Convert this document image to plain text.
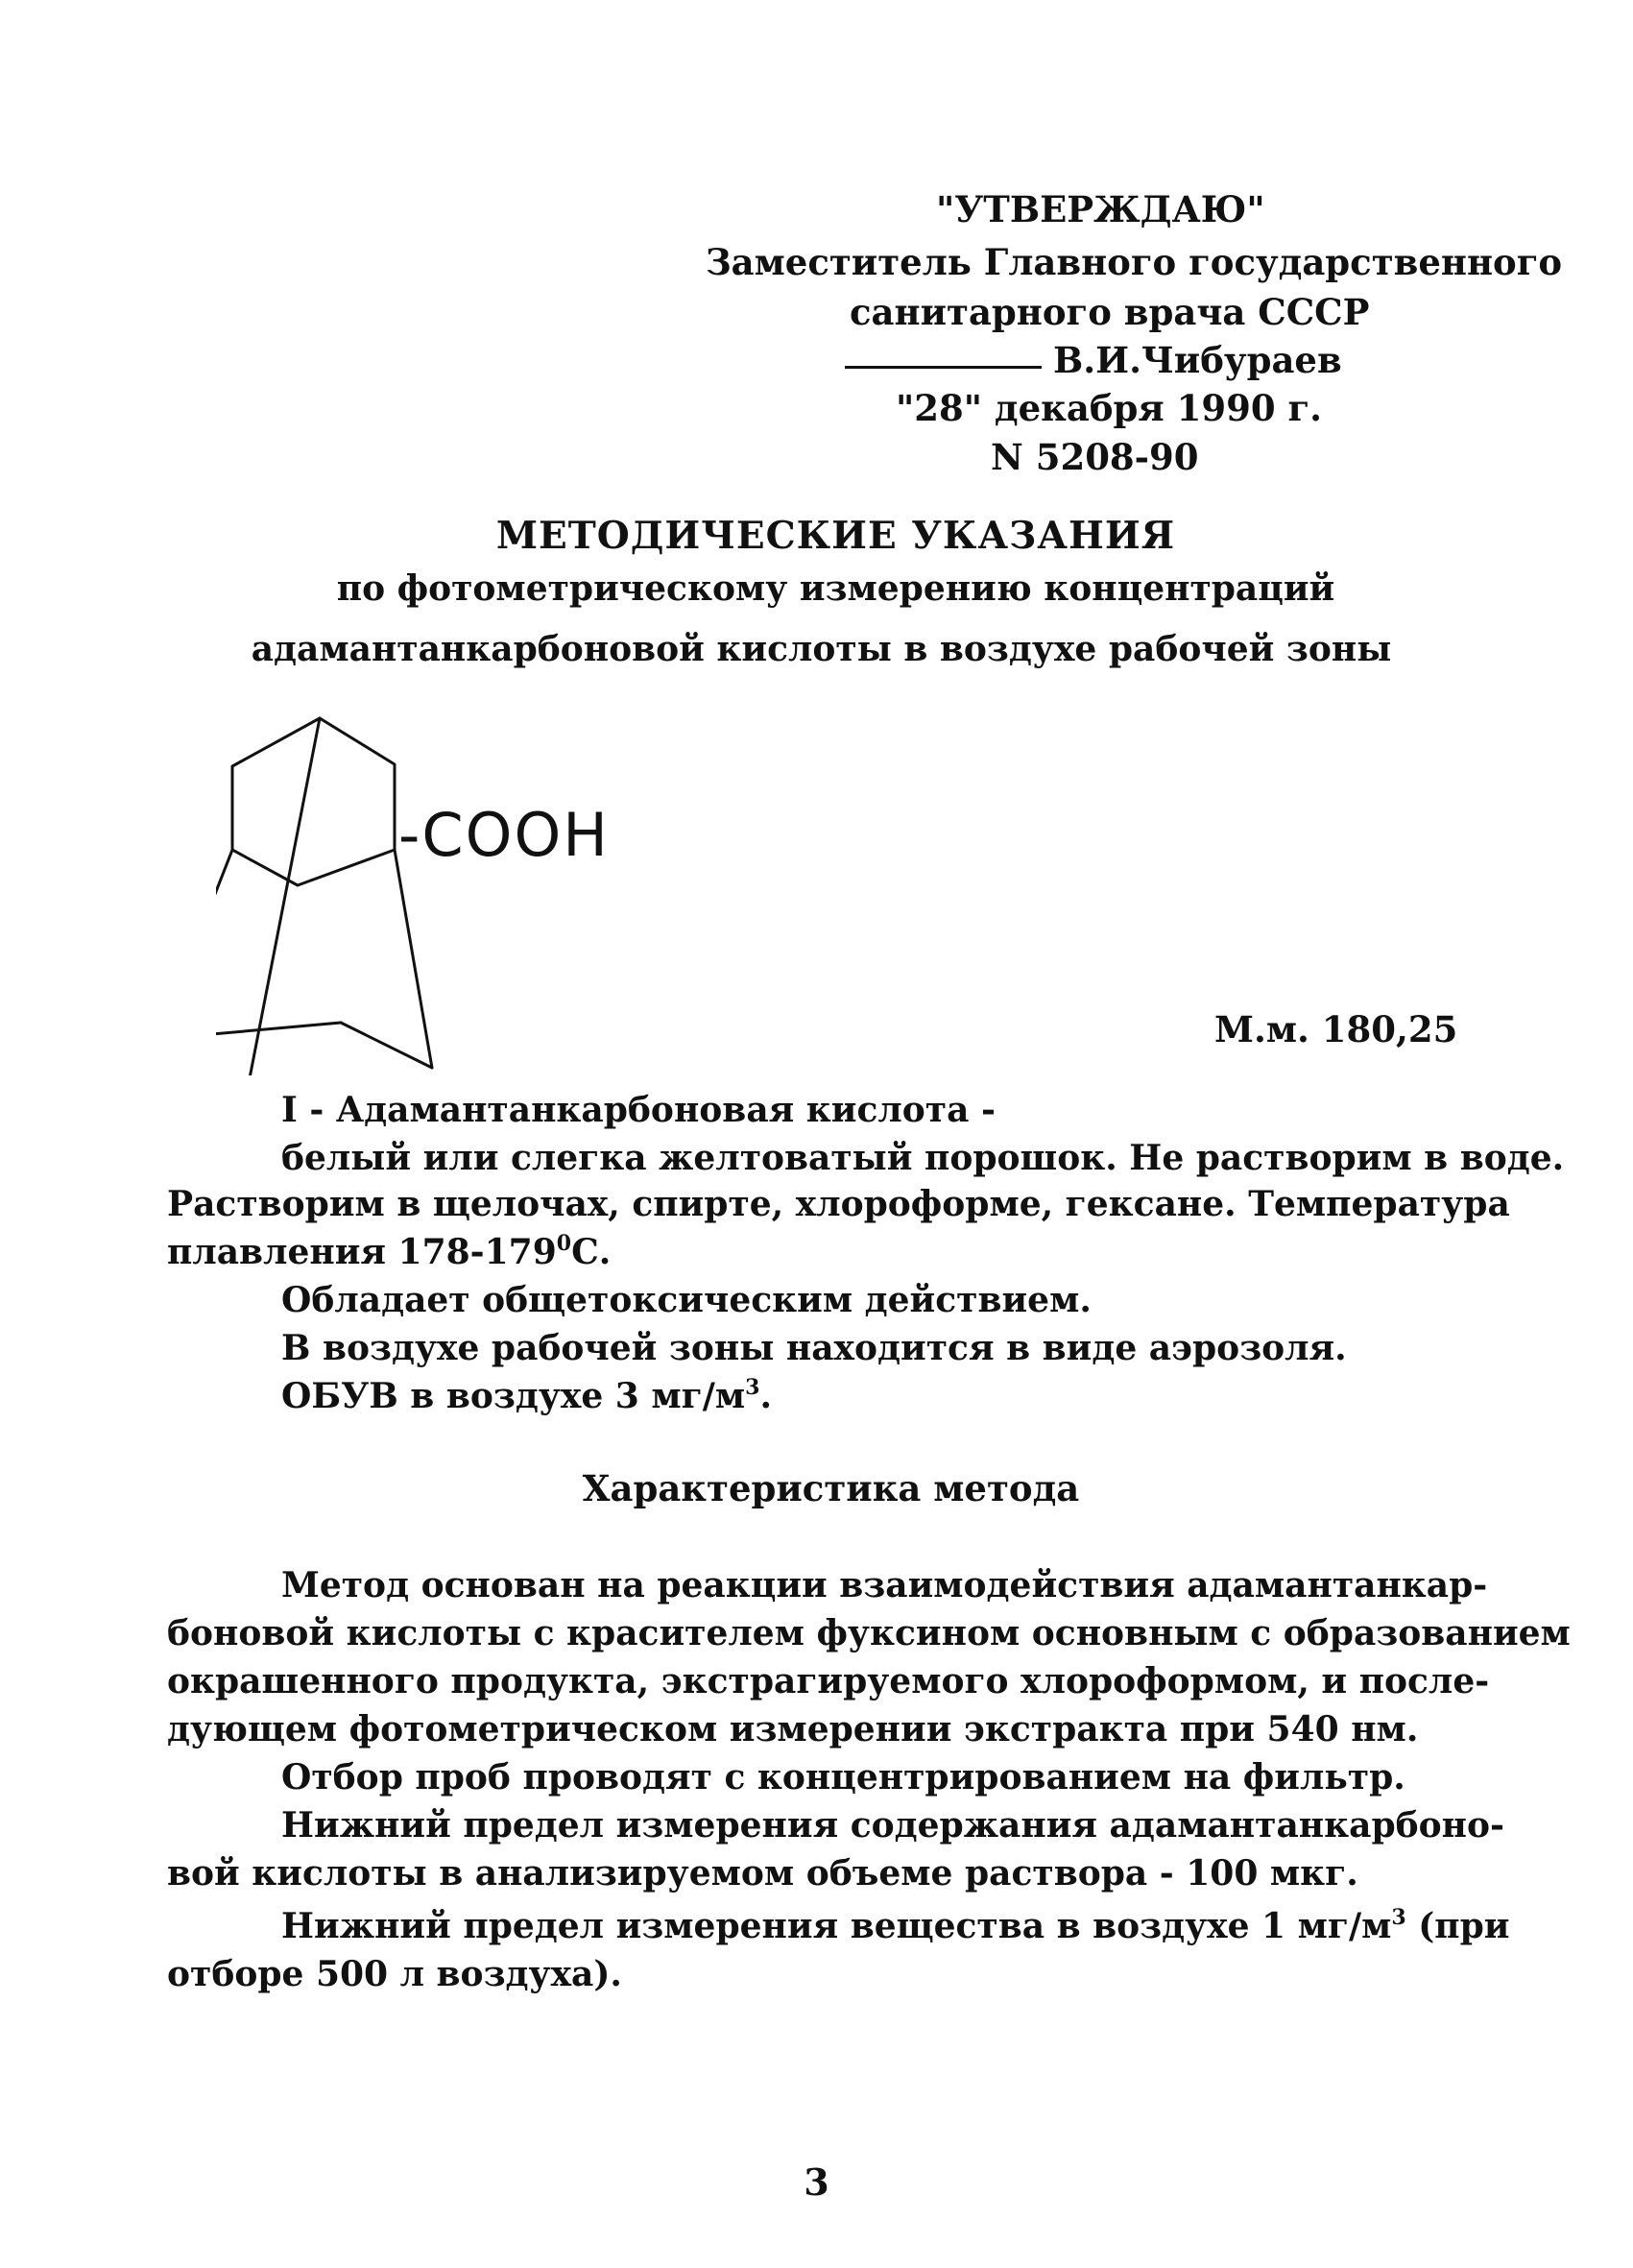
"УТВЕРЖДАЮ"
Заместитель Главного государственного
санитарного врача СССР
В.И.Чибураев
"28" декабря 1990 г.
N 5208-90
МЕТОДИЧЕСКИЕ УКАЗАНИЯ
по фотометрическому измерению концентраций
адамантанкарбоновой кислоты в воздухе рабочей зоны
-COOH
М.м. 180,25
I - Адамантанкарбоновая кислота -
белый или слегка желтоватый порошок. Не растворим в воде.
Растворим в щелочах, спирте, хлороформе, гексане. Температура
плавления $178-179^0С$.
Обладает общетоксическим действием.
В воздухе рабочей зоны находится в виде аэрозоля.
ОБУВ в воздухе 3 $мг/м^3$.
Характеристика метода
Метод основан на реакции взаимодействия адамантанкар-
боновой кислоты с красителем фуксином основным с образованием
окрашенного продукта, экстрагируемого хлороформом, и после-
дующем фотометрическом измерении экстракта при 540 нм.
Отбор проб проводят с концентрированием на фильтр.
Нижний предел измерения содержания адамантанкарбоно-
вой кислоты в анализируемом объеме раствора - 100 мкг.
Нижний предел измерения вещества в воздухе 1 $мг/м^3$ (при
отборе 500 л воздуха).
3
